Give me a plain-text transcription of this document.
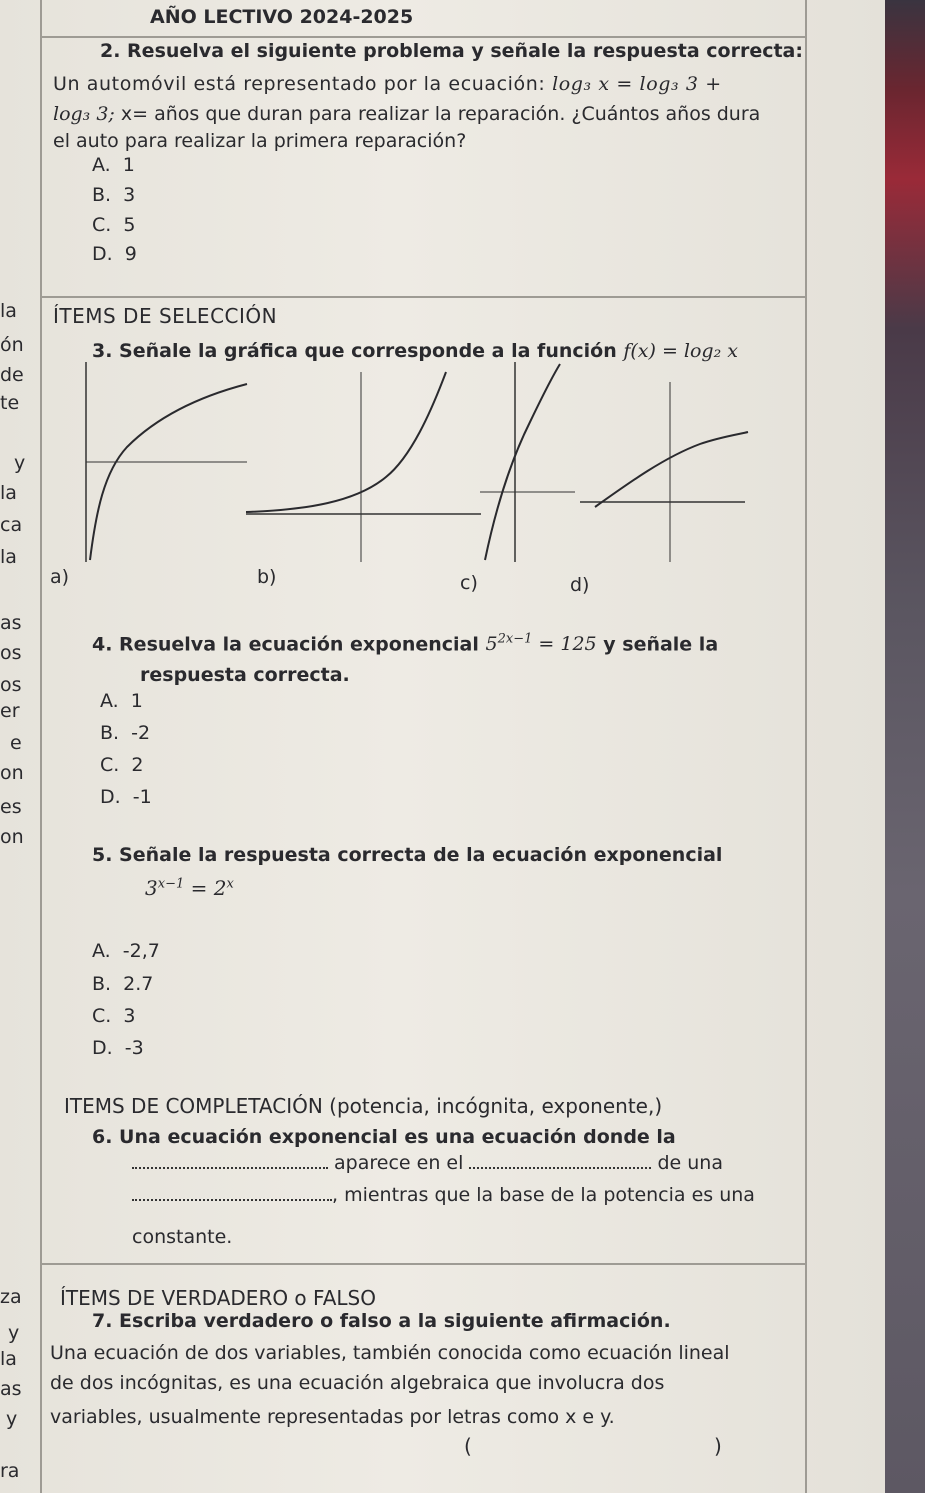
AÑO LECTIVO 2024-2025
2. Resuelva el siguiente problema y señale la respuesta correcta:
Un automóvil está representado por la ecuación: log₃ x = log₃ 3 +
log₃ 3; x= años que duran para realizar la reparación. ¿Cuántos años dura
el auto para realizar la primera reparación?
A. 1
B. 3
C. 5
D. 9
ÍTEMS DE SELECCIÓN
3. Señale la gráfica que corresponde a la función f(x) = log₂ x
a)	b)	c)	d)
4. Resuelva la ecuación exponencial $5^{2x-1} = 125$ y señale la
respuesta correcta.
A. 1
B. -2
C. 2
D. -1
5. Señale la respuesta correcta de la ecuación exponencial
$3^{x-1} = 2^x$
A. -2,7
B. 2.7
C. 3
D. -3
ITEMS DE COMPLETACIÓN (potencia, incógnita, exponente,)
6. Una ecuación exponencial es una ecuación donde la
aparece en el	de una
, mientras que la base de la potencia es una
constante.
ÍTEMS DE VERDADERO o FALSO
7. Escriba verdadero o falso a la siguiente afirmación.
Una ecuación de dos variables, también conocida como ecuación lineal
de dos incógnitas, es una ecuación algebraica que involucra dos
variables, usualmente representadas por letras como x e y.
(	)
la
ón
de
te
y
la
ca
la
as
os
os
er
e
on
es
on
za
y
la
as
y
ra
